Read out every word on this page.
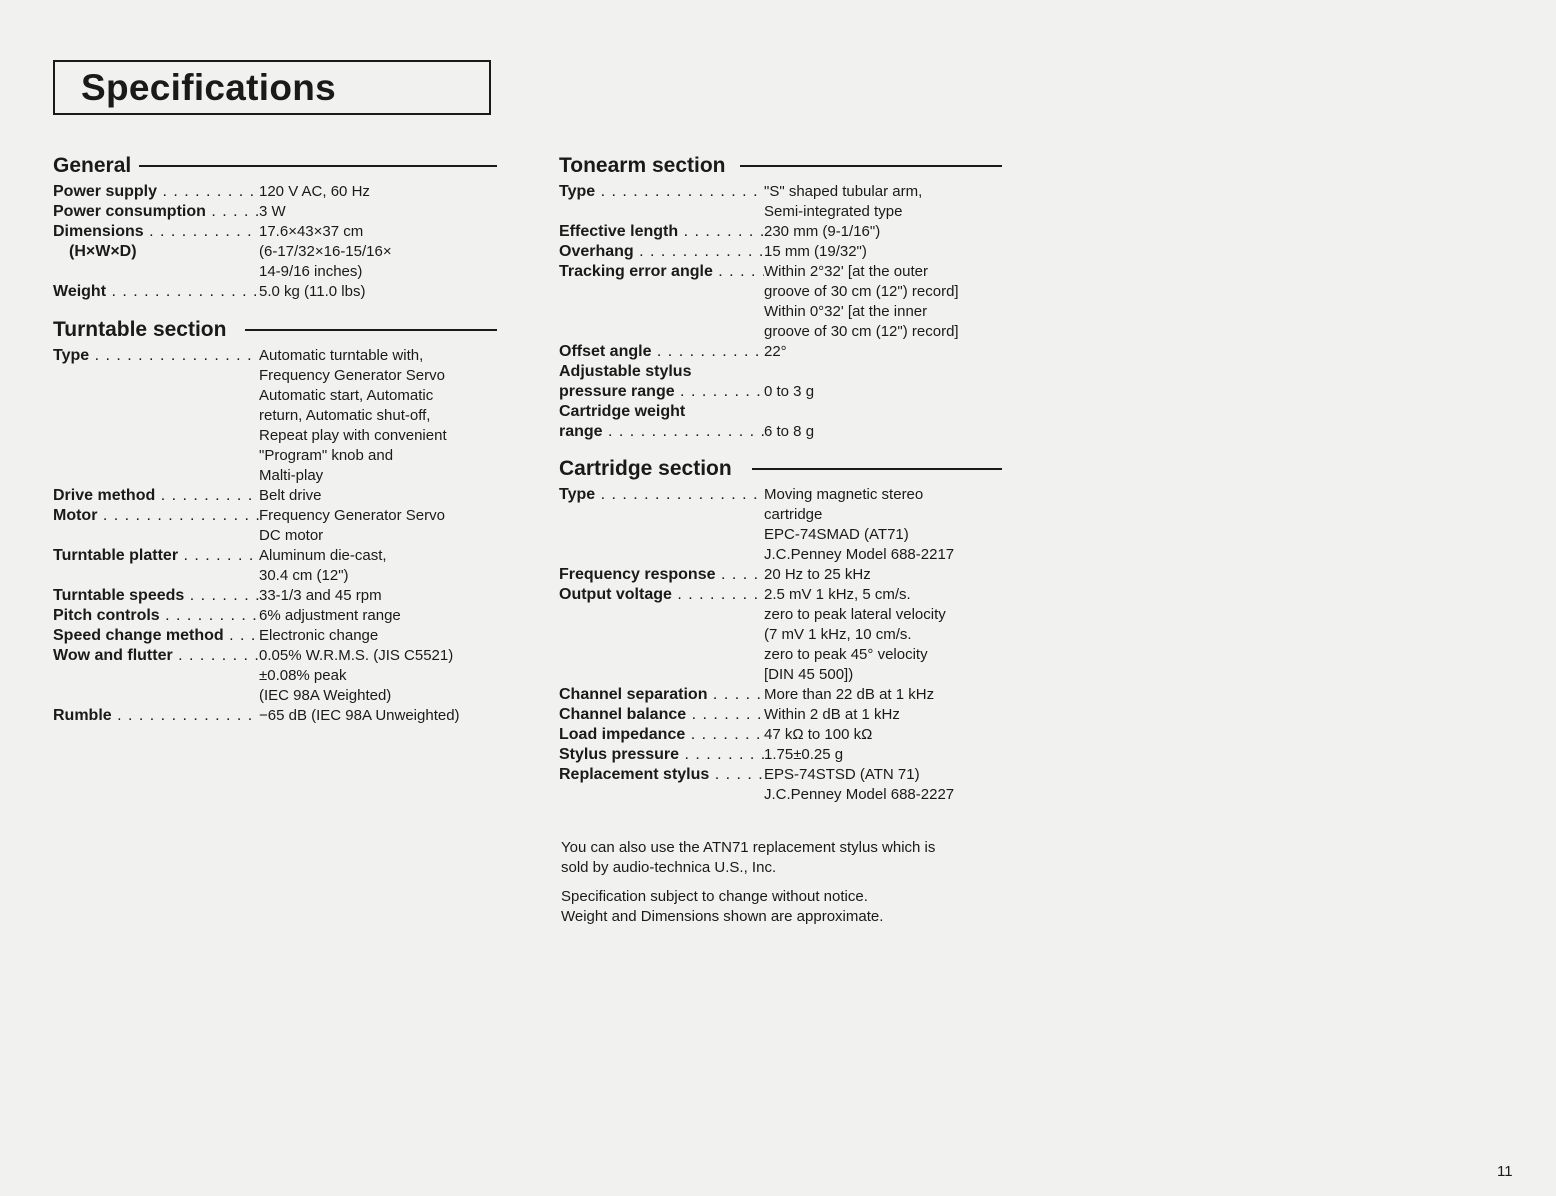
Specifications
General
Power supply . . .	120 V AC, 60 Hz
Power consumption . . .	3 W
Dimensions . . .	17.6×43×37 cm
(H×W×D)	(6-17/32×16-15/16×
14-9/16 inches)
Weight . . .	5.0 kg (11.0 lbs)
Turntable section
Type . . .	Automatic turntable with,
Frequency Generator Servo
Automatic start, Automatic
return, Automatic shut-off,
Repeat play with convenient
"Program" knob and
Malti-play
Drive method . . .	Belt drive
Motor . . .	Frequency Generator Servo
DC motor
Turntable platter . . .	Aluminum die-cast,
30.4 cm (12")
Turntable speeds . . .	33-1/3 and 45 rpm
Pitch controls . . .	6% adjustment range
Speed change method . . .	Electronic change
Wow and flutter . . .	0.05% W.R.M.S. (JIS C5521)
±0.08% peak
(IEC 98A Weighted)
Rumble . . .	−65 dB (IEC 98A Unweighted)
Tonearm section
Type . . .	"S" shaped tubular arm,
Semi-integrated type
Effective length . . .	230 mm (9-1/16")
Overhang . . .	15 mm (19/32")
Tracking error angle . . .	Within 2°32' [at the outer
groove of 30 cm (12") record]
Within 0°32' [at the inner
groove of 30 cm (12") record]
Offset angle . . .	22°
Adjustable stylus
pressure range . . .	0 to 3 g
Cartridge weight
range . . .	6 to 8 g
Cartridge section
Type . . .	Moving magnetic stereo
cartridge
EPC-74SMAD (AT71)
J.C.Penney Model 688-2217
Frequency response . . .	20 Hz to 25 kHz
Output voltage . . .	2.5 mV 1 kHz, 5 cm/s.
zero to peak lateral velocity
(7 mV 1 kHz, 10 cm/s.
zero to peak 45° velocity
[DIN 45 500])
Channel separation . . .	More than 22 dB at 1 kHz
Channel balance . . .	Within 2 dB at 1 kHz
Load impedance . . .	47 kΩ to 100 kΩ
Stylus pressure . . .	1.75±0.25 g
Replacement stylus . . .	EPS-74STSD (ATN 71)
J.C.Penney Model 688-2227
You can also use the ATN71 replacement stylus which is
sold by audio-technica U.S., Inc.
Specification subject to change without notice.
Weight and Dimensions shown are approximate.
11
